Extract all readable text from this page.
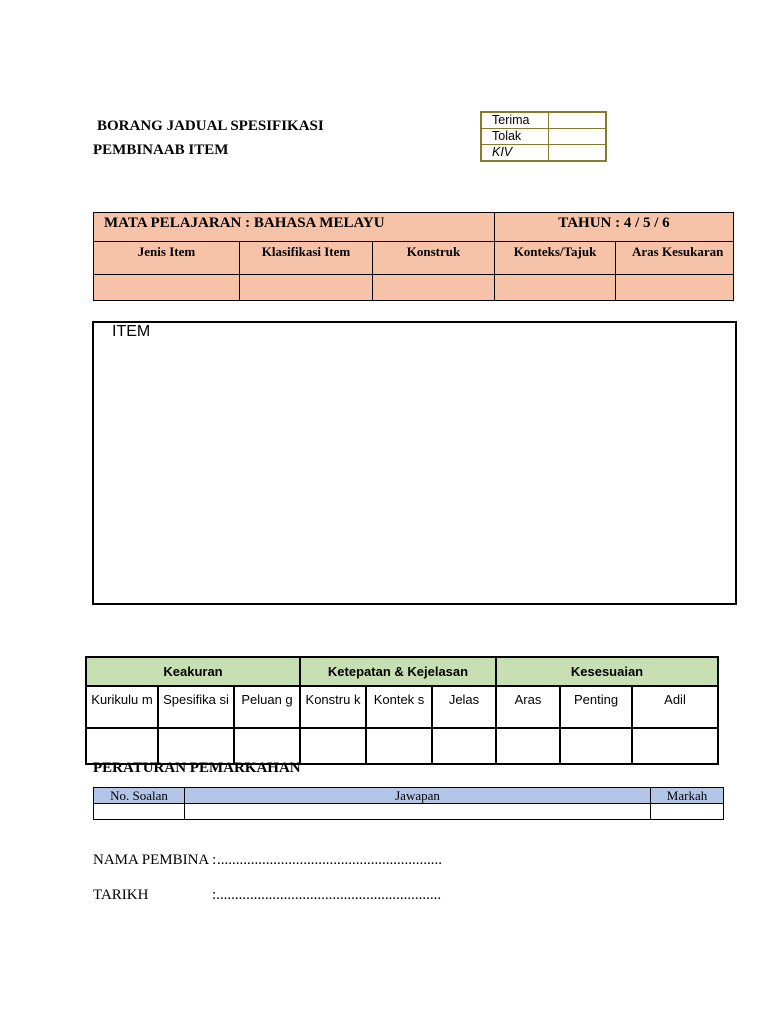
BORANG JADUAL SPESIFIKASI
PEMBINAAB ITEM
Terima	
Tolak	
KIV	
MATA PELAJARAN : BAHASA MELAYU			TAHUN : 4 / 5 / 6	
Jenis Item	Klasifikasi Item	Konstruk	Konteks/Tajuk	Aras Kesukaran

ITEM
Keakuran			Ketepatan & Kejelasan			Kesesuaian		
Kurikulu m	Spesifika si	Peluan g	Konstru k	Kontek s	Jelas	Aras	Penting	Adil

PERATURAN PEMARKAHAN
No. Soalan	Jawapan	Markah

NAMA PEMBINA : ............................................................
TARIKH	:............................................................
